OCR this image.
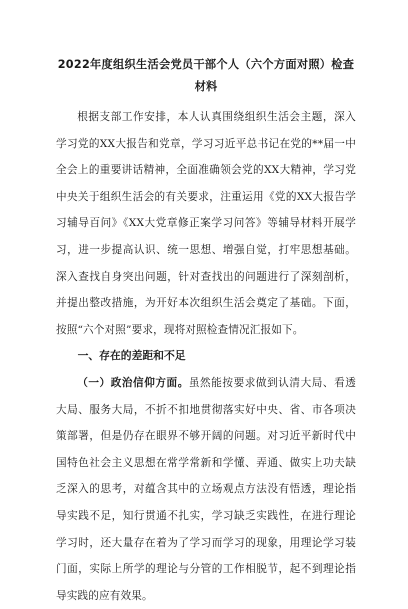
2022年度组织生活会党员干部个人（六个方面对照）检查

材料

根据支部工作安排，本人认真围绕组织生活会主题，深入学习党的XX大报告和党章，学习习近平总书记在党的**届一中全会上的重要讲话精神，全面准确领会党的XX大精神，学习党中央关于组织生活会的有关要求，注重运用《党的XX大报告学习辅导百问》《XX大党章修正案学习问答》等辅导材料开展学习，进一步提高认识、统一思想、增强自觉，打牢思想基础。深入查找自身突出问题，针对查找出的问题进行了深刻剖析，并提出整改措施，为开好本次组织生活会奠定了基础。下面，按照“六个对照”要求，现将对照检查情况汇报如下。

一、存在的差距和不足

（一）政治信仰方面。虽然能按要求做到认清大局、看透大局、服务大局，不折不扣地贯彻落实好中央、省、市各项决策部署，但是仍存在眼界不够开阔的问题。对习近平新时代中国特色社会主义思想在常学常新和学懂、弄通、做实上功夫缺乏深入的思考，对蕴含其中的立场观点方法没有悟透，理论指导实践不足，知行贯通不扎实，学习缺乏实践性，在进行理论学习时，还大量存在着为了学习而学习的现象，用理论学习装门面，实际上所学的理论与分管的工作相脱节，起不到理论指导实践的应有效果。
